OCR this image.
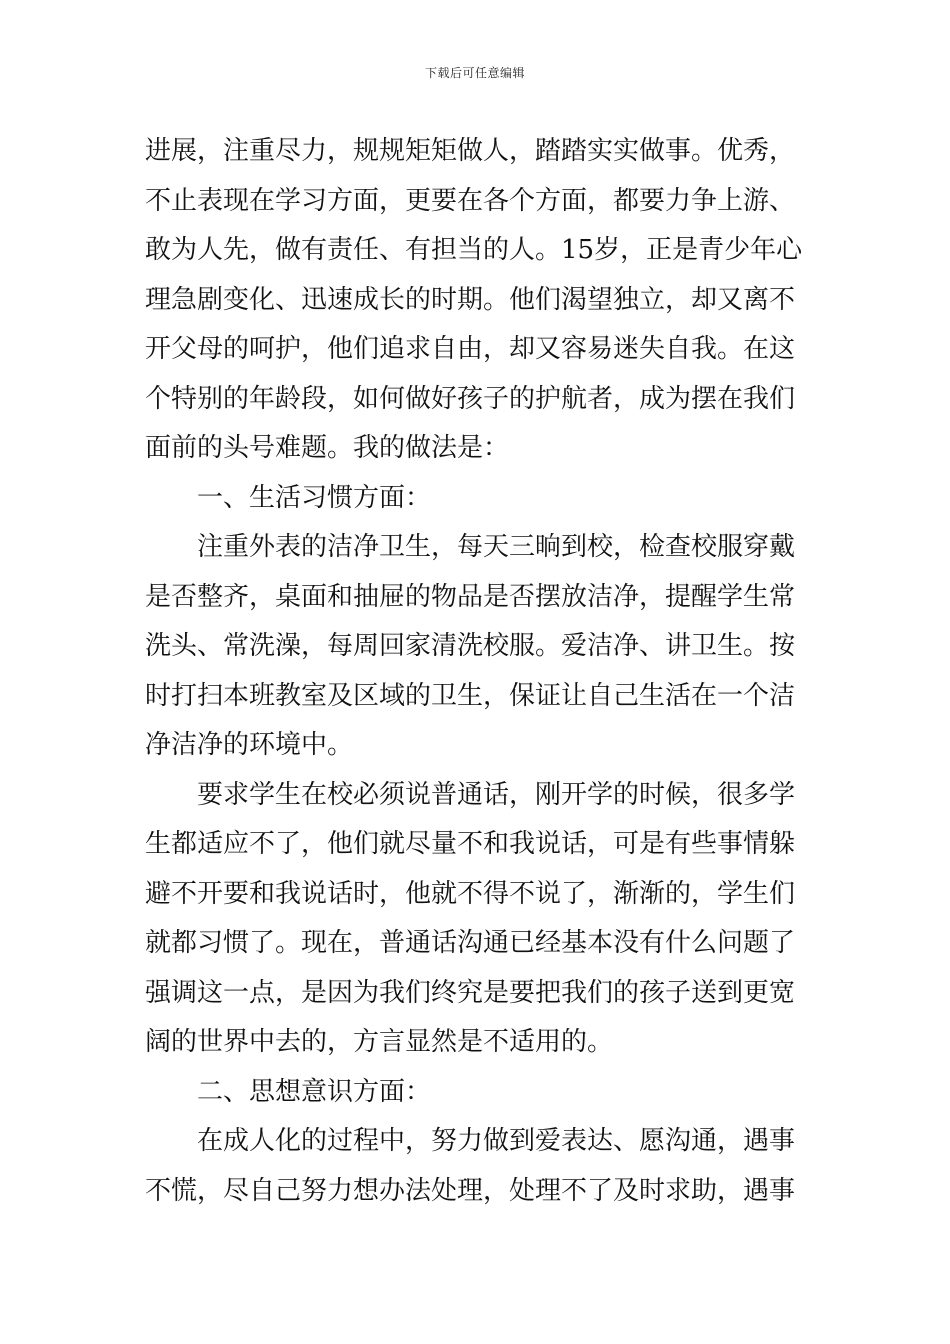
下载后可任意编辑
进展，注重尽力，规规矩矩做人，踏踏实实做事。优秀，
不止表现在学习方面，更要在各个方面，都要力争上游、
敢为人先，做有责任、有担当的人。15岁，正是青少年心
理急剧变化、迅速成长的时期。他们渴望独立，却又离不
开父母的呵护，他们追求自由，却又容易迷失自我。在这
个特别的年龄段，如何做好孩子的护航者，成为摆在我们
面前的头号难题。我的做法是：
一、生活习惯方面：
注重外表的洁净卫生，每天三晌到校，检查校服穿戴
是否整齐，桌面和抽屉的物品是否摆放洁净，提醒学生常
洗头、常洗澡，每周回家清洗校服。爱洁净、讲卫生。按
时打扫本班教室及区域的卫生，保证让自己生活在一个洁
净洁净的环境中。
要求学生在校必须说普通话，刚开学的时候，很多学
生都适应不了，他们就尽量不和我说话，可是有些事情躲
避不开要和我说话时，他就不得不说了，渐渐的，学生们
就都习惯了。现在，普通话沟通已经基本没有什么问题了
强调这一点，是因为我们终究是要把我们的孩子送到更宽
阔的世界中去的，方言显然是不适用的。
二、思想意识方面：
在成人化的过程中，努力做到爱表达、愿沟通，遇事
不慌，尽自己努力想办法处理，处理不了及时求助，遇事
